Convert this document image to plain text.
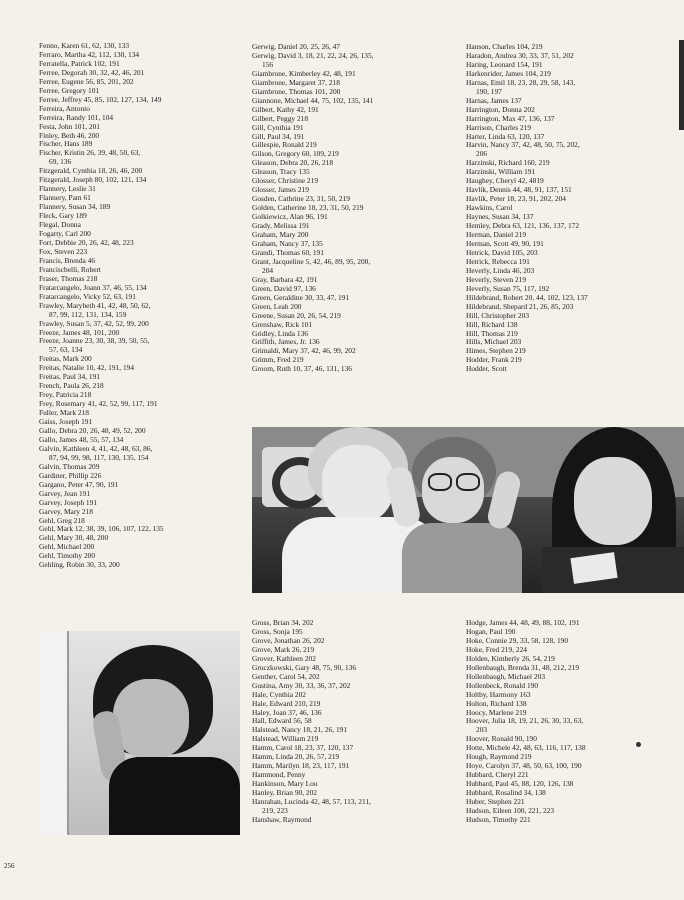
Fenno, Karen 61, 62, 130, 133
Ferraro, Martha 42, 112, 130, 134
Ferratella, Patrick 102, 191
Ferree, Degorah 30, 32, 42, 46, 201
Ferree, Eugene 56, 85, 201, 202
Ferree, Gregory 101
Ferree, Jeffrey 45, 85, 102, 127, 134, 149
Ferreira, Antonio
Ferreira, Randy 101, 104
Festa, John 101, 201
Finley, Beth 46, 200
Fischer, Hans 189
Fischer, Kristin 26, 39, 48, 50, 63,
69, 136
Fitzgerald, Cynthia 18, 26, 46, 200
Fitzgerald, Joseph 80, 102, 121, 134
Flannery, Leslie 31
Flannery, Pam 61
Flannery, Susan 34, 189
Fleck, Gary 189
Flegal, Donna
Fogarty, Carl 200
Fort, Debbie 20, 26, 42, 48, 223
Fox, Steven 223
Francis, Brenda 46
Franciscbelli, Robert
Fraser, Thomas 218
Fratarcangelo, Joann 37, 46, 55, 134
Fratarcangelo, Vicky 52, 63, 191
Frawley, Marybeth 41, 42, 48, 50, 62,
87, 99, 112, 131, 134, 159
Frawley, Susan 5, 37, 42, 52, 99, 200
Freeze, James 48, 101, 200
Freeze, Joanne 23, 30, 38, 39, 50, 55,
57, 63, 134
Freitas, Mark 200
Freitas, Natalie 10, 42, 191, 194
Freitas, Paul 34, 191
French, Paula 26, 218
Frey, Patricia 218
Frey, Rosemary 41, 42, 52, 99, 117, 191
Fuller, Mark 218
Gaiss, Joseph 191
Gallo, Debra 20, 26, 48, 49, 52, 200
Gallo, James 48, 55, 57, 134
Galvin, Kathleen 4, 41, 42, 48, 63, 86,
87, 94, 99, 98, 117, 130, 135, 154
Galvin, Thomas 209
Gardiner, Phillip 226
Gargano, Peter 47, 90, 191
Garvey, Jean 191
Garvey, Joseph 191
Garvey, Mary 218
Gehl, Greg 218
Gehl, Mark 12, 38, 39, 106, 107, 122, 135
Gehl, Mary 30, 48, 200
Gehl, Michael 200
Gehl, Timothy 200
Gehling, Robin 30, 33, 200
Gerwig, Daniel 20, 25, 26, 47
Gerwig, David 3, 18, 21, 22, 24, 26, 135,
156
Giambrone, Kimberley 42, 48, 191
Giambrone, Margaret 37, 218
Giambrone, Thomas 101, 200
Giannone, Michael 44, 75, 102, 135, 141
Gilbert, Kathy 42, 191
Gilbert, Peggy 218
Gill, Cynthia 191
Gill, Paul 34, 191
Gillespie, Ronald 219
Gilson, Gregory 60, 109, 219
Gleason, Debra 20, 26, 218
Gleason, Tracy 135
Glosser, Christine 219
Glosser, James 219
Gosden, Cathrine 23, 31, 50, 219
Golden, Catherine 18, 23, 31, 50, 219
Golkiewicz, Alan 96, 191
Grady, Melissa 191
Graham, Mary 200
Graham, Nancy 37, 135
Grandi, Thomas 60, 191
Grant, Jacqueline 5, 42, 46, 89, 95, 200,
204
Gray, Barbara 42, 191
Green, David 97, 136
Green, Geraldine 30, 33, 47, 191
Green, Leah 200
Greene, Susan 20, 26, 54, 219
Grenshaw, Rick 101
Gridley, Linda 136
Griffith, James, Jr. 136
Grimaldi, Mary 37, 42, 46, 99, 202
Grimm, Fred 219
Groom, Ruth 10, 37, 46, 131, 136
Hanson, Charles 104, 219
Haradon, Andrea 30, 33, 37, 51, 202
Haring, Leonard 154, 191
Harkenrider, James 104, 219
Harnas, Emil 18, 23, 28, 29, 58, 143,
190, 197
Harnas, James 137
Harrington, Donna 202
Harrington, Max 47, 136, 137
Harrison, Charles 219
Harter, Linda 63, 120, 137
Harvin, Nancy 37, 42, 48, 50, 75, 202,
206
Harzinski, Richard 160, 219
Harzinski, William 191
Haughey, Cheryl 42, 4819
Havlik, Dennis 44, 48, 91, 137, 151
Havlik, Peter 18, 23, 91, 202, 204
Hawkins, Carol
Haynes, Susan 34, 137
Hemley, Debra 63, 121, 136, 137, 172
Herman, Daniel 219
Herman, Scott 49, 90, 191
Hetrick, David 105, 203
Hetrick, Rebecca 191
Heverly, Linda 46, 203
Heverly, Steven 219
Heverly, Susan 75, 117, 192
Hildebrand, Robert 20, 44, 102, 123, 137
Hildebrand, Shepard 21, 26, 85, 203
Hill, Christopher 203
Hill, Richard 138
Hill, Thomas 219
Hills, Michael 203
Himes, Stephen 219
Hodder, Frank 219
Hodder, Scott
Gross, Brian 34, 202
Gross, Sonja 195
Grove, Jonathan 26, 202
Grove, Mark 26, 219
Grover, Kathleen 202
Gruczkowski, Gary 48, 75, 90, 136
Genther, Carol 54, 202
Gustina, Amy 30, 33, 36, 37, 202
Hale, Cynthia 202
Hale, Edward 210, 219
Haley, Joan 37, 46, 136
Hall, Edward 56, 58
Halstead, Nancy 18, 21, 26, 191
Halstead, William 219
Hamm, Carol 18, 23, 37, 120, 137
Hamm, Linda 20, 26, 57, 219
Hamm, Marilyn 18, 23, 117, 191
Hammond, Penny
Hankinson, Mary Lou
Hanley, Brian 90, 202
Hanrahan, Lucinda 42, 48, 57, 113, 211,
219, 223
Hanshaw, Raymond
Hodge, James 44, 48, 49, 88, 102, 191
Hogan, Paul 190
Hoke, Connie 29, 33, 58, 128, 190
Hoke, Fred 219, 224
Holden, Kimberly 26, 54, 219
Hollenbaugh, Brenda 31, 48, 212, 219
Hollenbaugh, Michael 203
Hollenbeck, Ronald 190
Holtby, Harmony 163
Holton, Richard 138
Hoocy, Marlene 219
Hoover, Julia 18, 19, 21, 26, 30, 33, 63,
203
Hoover, Ronald 90, 190
Hotte, Michele 42, 48, 63, 116, 117, 138
Hough, Raymond 219
Hoye, Carolyn 37, 48, 50, 63, 100, 190
Hubbard, Cheryl 221
Hubbard, Paul 45, 88, 120, 126, 138
Hubbard, Rosalind 34, 138
Huber, Stephen 221
Hudson, Eileen 100, 221, 223
Hudson, Timothy 221
256
